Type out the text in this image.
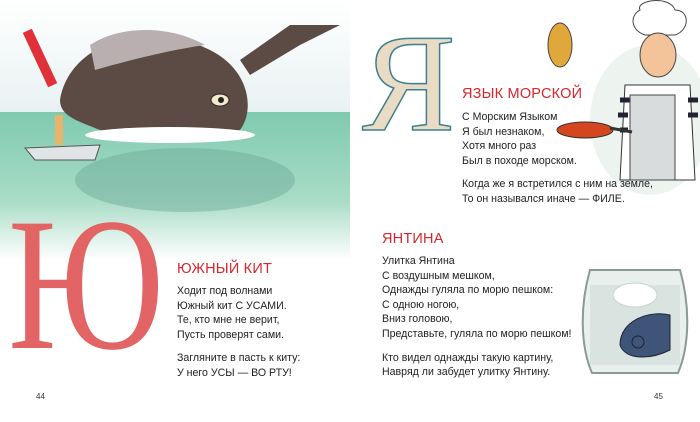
Ю ЮЖНЫЙ КИТ
Ходит под волнами
Южный кит С УСАМИ.
Те, кто мне не верит,
Пусть проверят сами.
Загляните в пасть к киту:
У него УСЫ — ВО РТУ!
44
Я ЯЗЫК МОРСКОЙ
С Морским Языком
Я был незнаком,
Хотя много раз
Был в походе морском.
Когда же я встретился с ним на земле,
То он назывался иначе — ФИЛЕ.
ЯНТИНА
Улитка Янтина
С воздушным мешком,
Однажды гуляла по морю пешком:
С одною ногою,
Вниз головою,
Представьте, гуляла по морю пешком!
Кто видел однажды такую картину,
Навряд ли забудет улитку Янтину.
45
